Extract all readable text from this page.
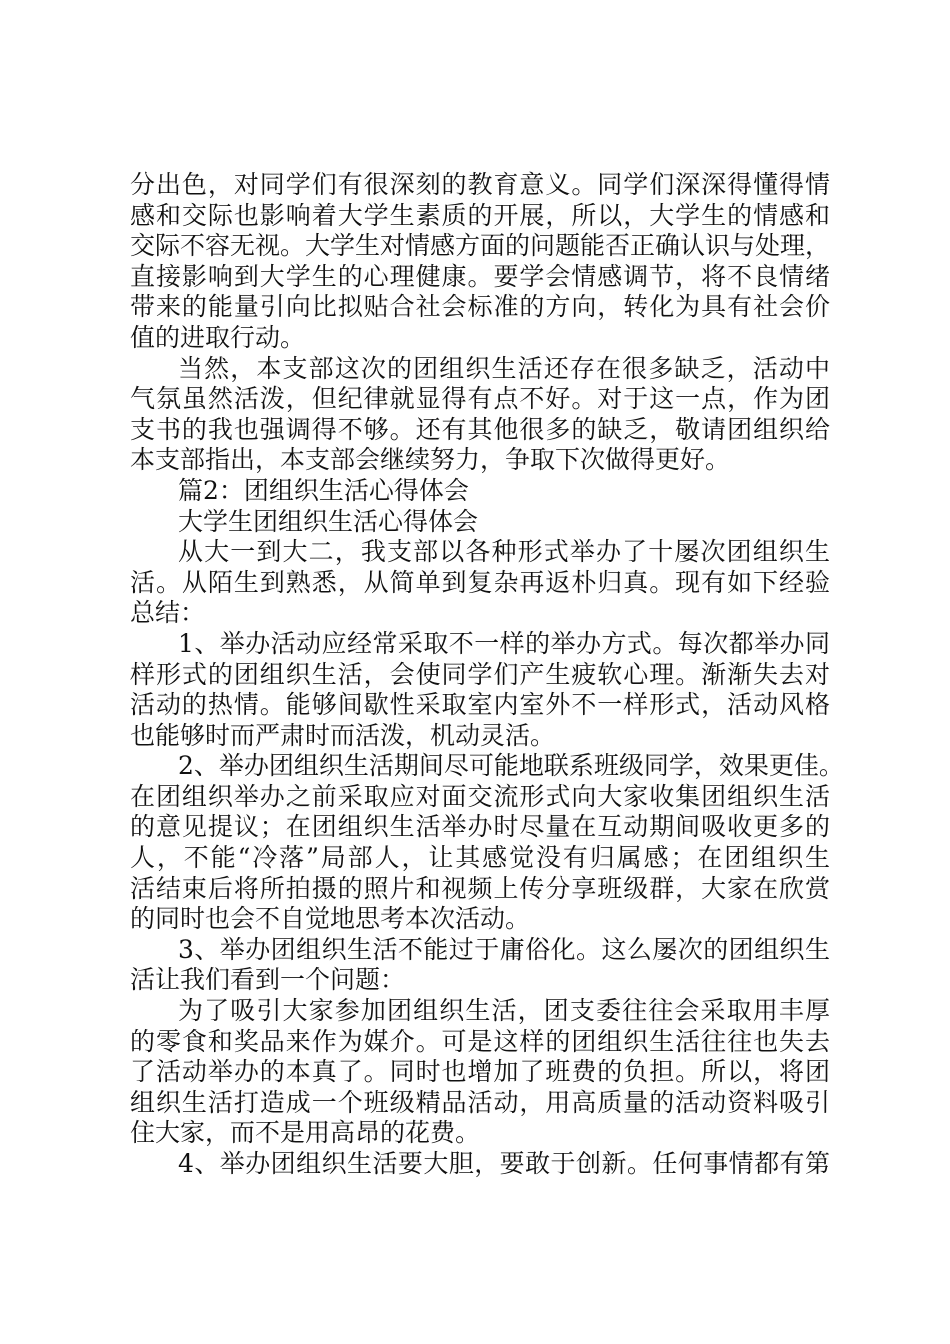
分出色，对同学们有很深刻的教育意义。同学们深深得懂得情
感和交际也影响着大学生素质的开展，所以，大学生的情感和
交际不容无视。大学生对情感方面的问题能否正确认识与处理，
直接影响到大学生的心理健康。要学会情感调节，将不良情绪
带来的能量引向比拟贴合社会标准的方向，转化为具有社会价
值的进取行动。
当然，本支部这次的团组织生活还存在很多缺乏，活动中
气氛虽然活泼，但纪律就显得有点不好。对于这一点，作为团
支书的我也强调得不够。还有其他很多的缺乏，敬请团组织给
本支部指出，本支部会继续努力，争取下次做得更好。
篇2：团组织生活心得体会
大学生团组织生活心得体会
从大一到大二，我支部以各种形式举办了十屡次团组织生
活。从陌生到熟悉，从简单到复杂再返朴归真。现有如下经验
总结：
1、举办活动应经常采取不一样的举办方式。每次都举办同
样形式的团组织生活，会使同学们产生疲软心理。渐渐失去对
活动的热情。能够间歇性采取室内室外不一样形式，活动风格
也能够时而严肃时而活泼，机动灵活。
2、举办团组织生活期间尽可能地联系班级同学，效果更佳。
在团组织举办之前采取应对面交流形式向大家收集团组织生活
的意见提议；在团组织生活举办时尽量在互动期间吸收更多的
人，不能“冷落”局部人，让其感觉没有归属感；在团组织生
活结束后将所拍摄的照片和视频上传分享班级群，大家在欣赏
的同时也会不自觉地思考本次活动。
3、举办团组织生活不能过于庸俗化。这么屡次的团组织生
活让我们看到一个问题：
为了吸引大家参加团组织生活，团支委往往会采取用丰厚
的零食和奖品来作为媒介。可是这样的团组织生活往往也失去
了活动举办的本真了。同时也增加了班费的负担。所以，将团
组织生活打造成一个班级精品活动，用高质量的活动资料吸引
住大家，而不是用高昂的花费。
4、举办团组织生活要大胆，要敢于创新。任何事情都有第
